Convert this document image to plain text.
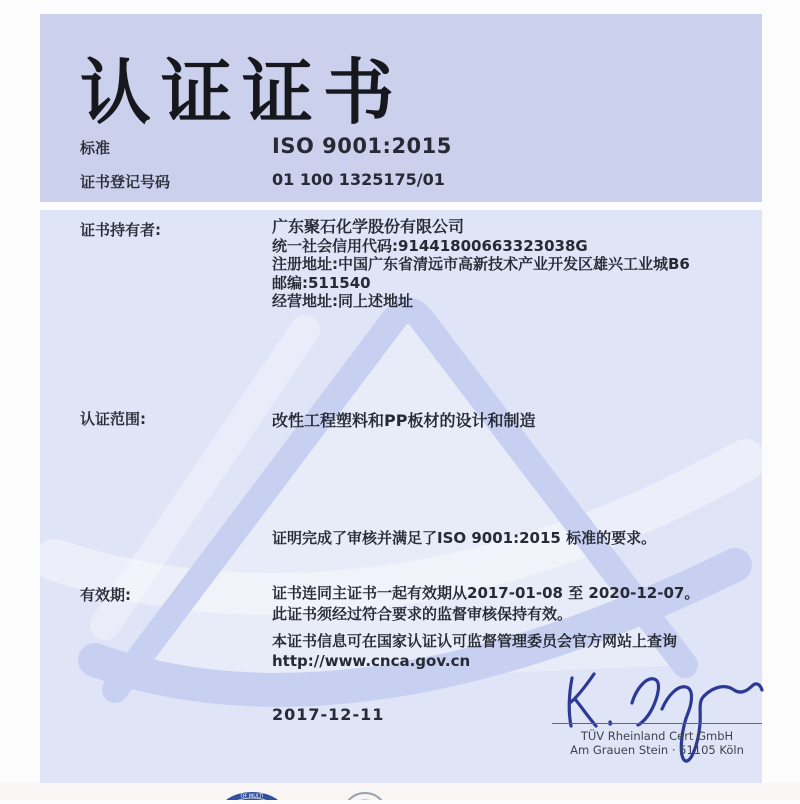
认证证书
标准	ISO 9001:2015
证书登记号码	01 100 1325175/01
证书持有者:	广东聚石化学股份有限公司
统一社会信用代码:91441800663323038G
注册地址:中国广东省清远市高新技术产业开发区雄兴工业城B6
邮编:511540
经营地址:同上述地址
认证范围:	改性工程塑料和PP板材的设计和制造
证明完成了审核并满足了ISO 9001:2015 标准的要求。
有效期:	证书连同主证书一起有效期从2017-01-08 至 2020-12-07。
此证书须经过符合要求的监督审核保持有效。
本证书信息可在国家认证认可监督管理委员会官方网站上查询
http://www.cnca.gov.cn
2017-12-11
TÜV Rheinland Cert GmbH
Am Grauen Stein · 51105 Köln
OF MULTI
